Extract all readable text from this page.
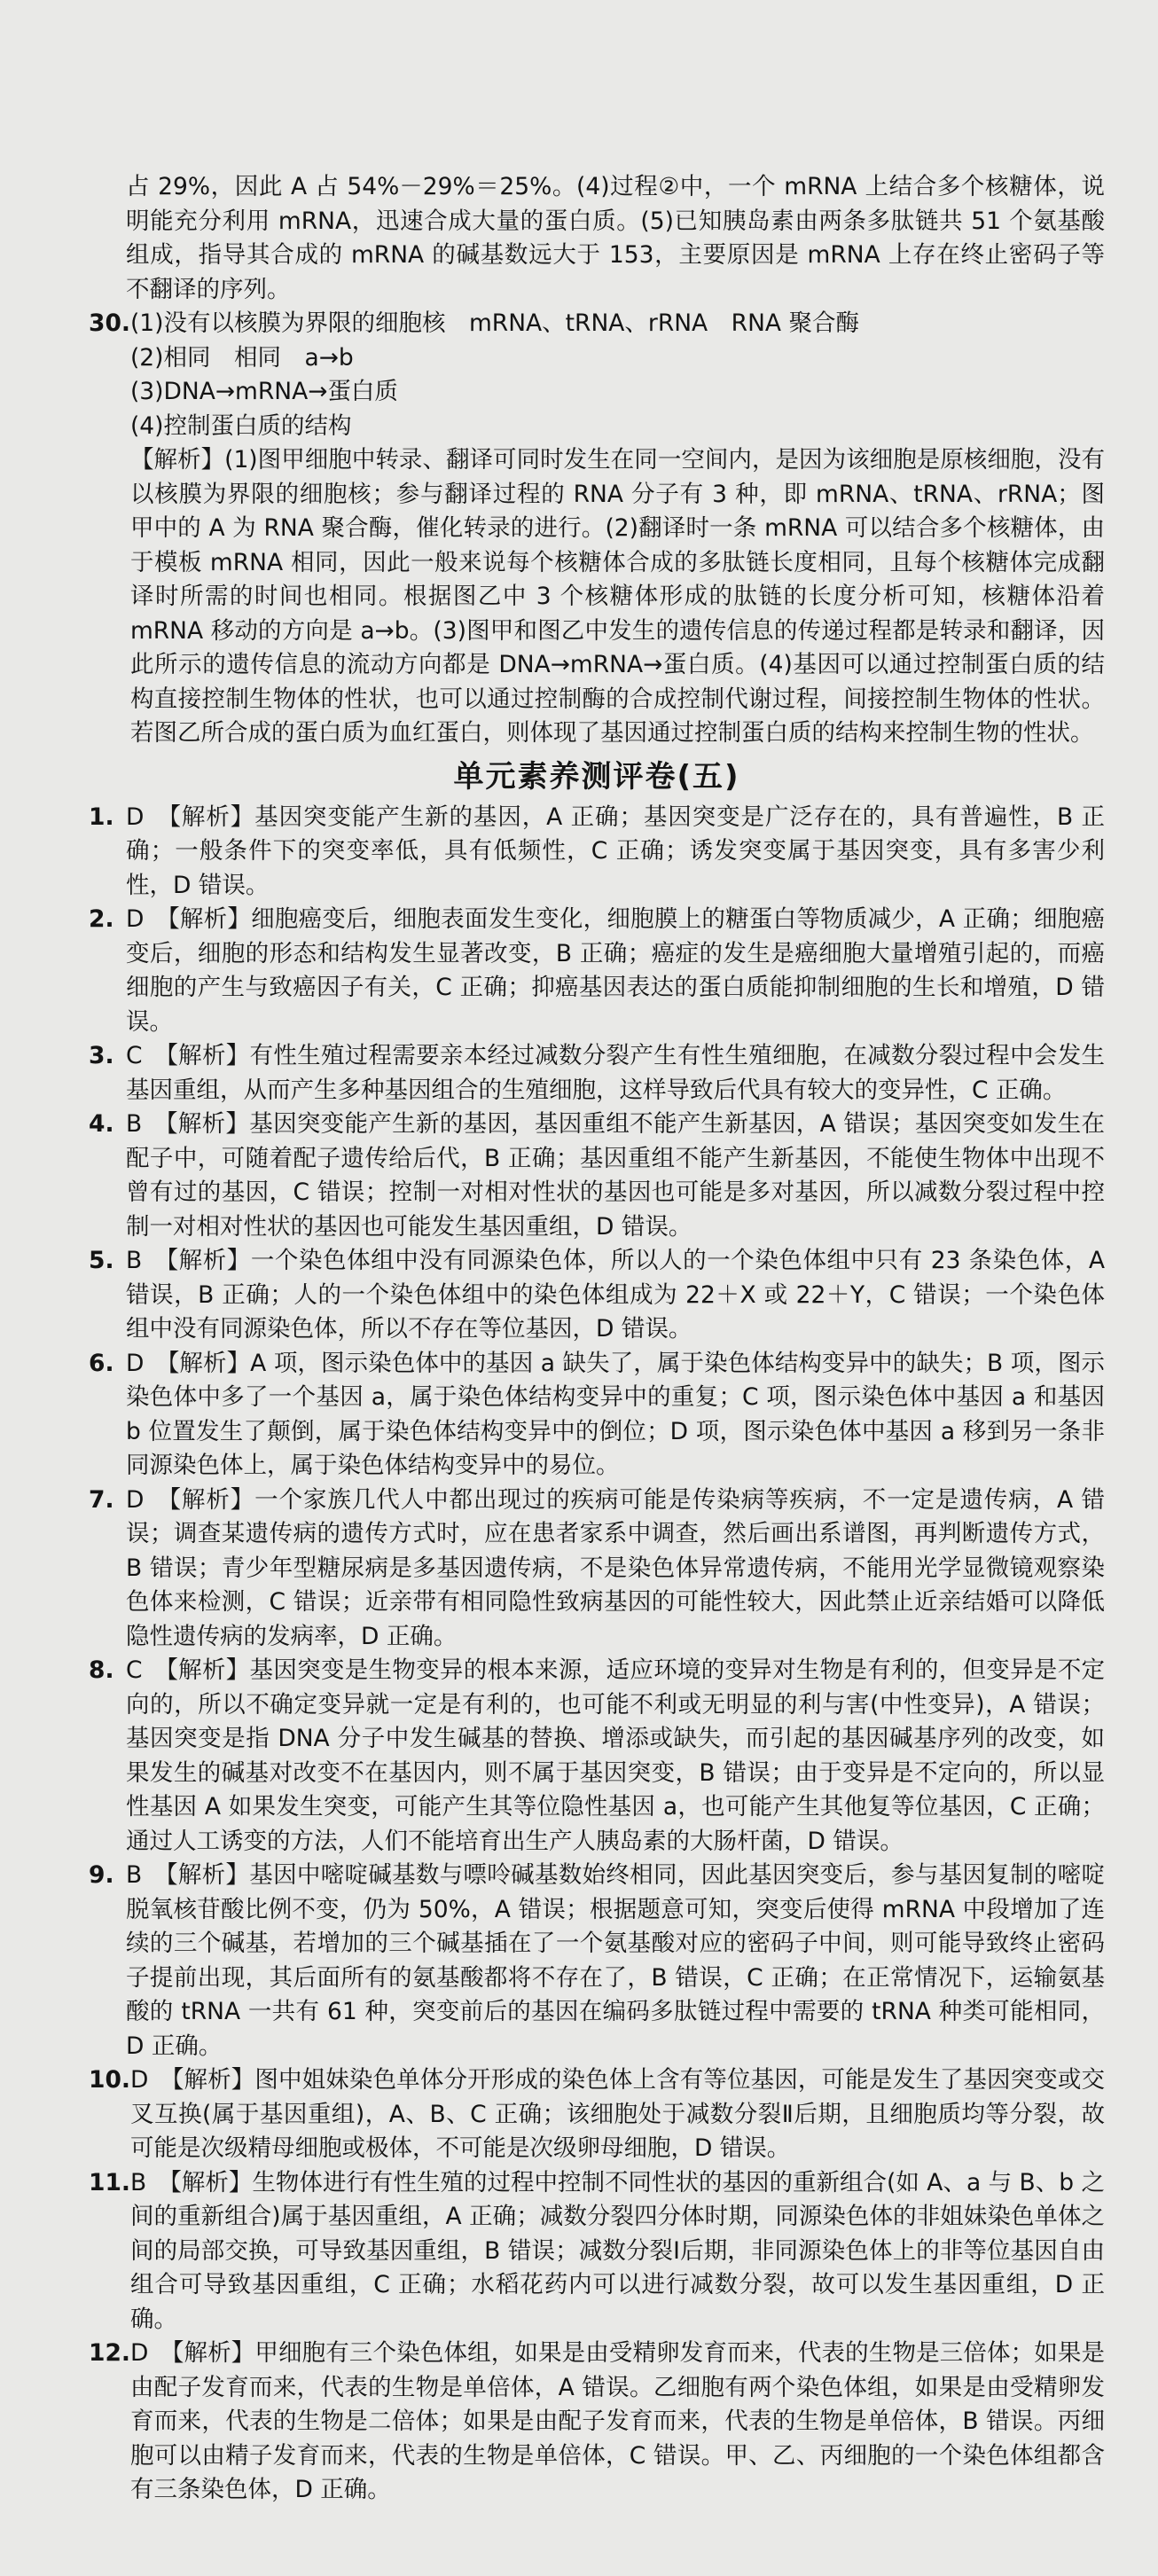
占 29%，因此 A 占 54%－29%＝25%。(4)过程②中，一个 mRNA 上结合多个核糖体，说明能充分利用 mRNA，迅速合成大量的蛋白质。(5)已知胰岛素由两条多肽链共 51 个氨基酸组成，指导其合成的 mRNA 的碱基数远大于 153，主要原因是 mRNA 上存在终止密码子等不翻译的序列。

30. (1)没有以核膜为界限的细胞核　mRNA、tRNA、rRNA　RNA 聚合酶

(2)相同　相同　a→b

(3)DNA→mRNA→蛋白质

(4)控制蛋白质的结构

【解析】(1)图甲细胞中转录、翻译可同时发生在同一空间内，是因为该细胞是原核细胞，没有以核膜为界限的细胞核；参与翻译过程的 RNA 分子有 3 种，即 mRNA、tRNA、rRNA；图甲中的 A 为 RNA 聚合酶，催化转录的进行。(2)翻译时一条 mRNA 可以结合多个核糖体，由于模板 mRNA 相同，因此一般来说每个核糖体合成的多肽链长度相同，且每个核糖体完成翻译时所需的时间也相同。根据图乙中 3 个核糖体形成的肽链的长度分析可知，核糖体沿着 mRNA 移动的方向是 a→b。(3)图甲和图乙中发生的遗传信息的传递过程都是转录和翻译，因此所示的遗传信息的流动方向都是 DNA→mRNA→蛋白质。(4)基因可以通过控制蛋白质的结构直接控制生物体的性状，也可以通过控制酶的合成控制代谢过程，间接控制生物体的性状。若图乙所合成的蛋白质为血红蛋白，则体现了基因通过控制蛋白质的结构来控制生物的性状。

单元素养测评卷(五)
1. D　【解析】基因突变能产生新的基因，A 正确；基因突变是广泛存在的，具有普遍性，B 正确；一般条件下的突变率低，具有低频性，C 正确；诱发突变属于基因突变，具有多害少利性，D 错误。

2. D　【解析】细胞癌变后，细胞表面发生变化，细胞膜上的糖蛋白等物质减少，A 正确；细胞癌变后，细胞的形态和结构发生显著改变，B 正确；癌症的发生是癌细胞大量增殖引起的，而癌细胞的产生与致癌因子有关，C 正确；抑癌基因表达的蛋白质能抑制细胞的生长和增殖，D 错误。

3. C　【解析】有性生殖过程需要亲本经过减数分裂产生有性生殖细胞，在减数分裂过程中会发生基因重组，从而产生多种基因组合的生殖细胞，这样导致后代具有较大的变异性，C 正确。

4. B　【解析】基因突变能产生新的基因，基因重组不能产生新基因，A 错误；基因突变如发生在配子中，可随着配子遗传给后代，B 正确；基因重组不能产生新基因，不能使生物体中出现不曾有过的基因，C 错误；控制一对相对性状的基因也可能是多对基因，所以减数分裂过程中控制一对相对性状的基因也可能发生基因重组，D 错误。

5. B　【解析】一个染色体组中没有同源染色体，所以人的一个染色体组中只有 23 条染色体，A 错误，B 正确；人的一个染色体组中的染色体组成为 22＋X 或 22＋Y，C 错误；一个染色体组中没有同源染色体，所以不存在等位基因，D 错误。

6. D　【解析】A 项，图示染色体中的基因 a 缺失了，属于染色体结构变异中的缺失；B 项，图示染色体中多了一个基因 a，属于染色体结构变异中的重复；C 项，图示染色体中基因 a 和基因 b 位置发生了颠倒，属于染色体结构变异中的倒位；D 项，图示染色体中基因 a 移到另一条非同源染色体上，属于染色体结构变异中的易位。

7. D　【解析】一个家族几代人中都出现过的疾病可能是传染病等疾病，不一定是遗传病，A 错误；调查某遗传病的遗传方式时，应在患者家系中调查，然后画出系谱图，再判断遗传方式，B 错误；青少年型糖尿病是多基因遗传病，不是染色体异常遗传病，不能用光学显微镜观察染色体来检测，C 错误；近亲带有相同隐性致病基因的可能性较大，因此禁止近亲结婚可以降低隐性遗传病的发病率，D 正确。

8. C　【解析】基因突变是生物变异的根本来源，适应环境的变异对生物是有利的，但变异是不定向的，所以不确定变异就一定是有利的，也可能不利或无明显的利与害(中性变异)，A 错误；基因突变是指 DNA 分子中发生碱基的替换、增添或缺失，而引起的基因碱基序列的改变，如果发生的碱基对改变不在基因内，则不属于基因突变，B 错误；由于变异是不定向的，所以显性基因 A 如果发生突变，可能产生其等位隐性基因 a，也可能产生其他复等位基因，C 正确；通过人工诱变的方法，人们不能培育出生产人胰岛素的大肠杆菌，D 错误。

9. B　【解析】基因中嘧啶碱基数与嘌呤碱基数始终相同，因此基因突变后，参与基因复制的嘧啶脱氧核苷酸比例不变，仍为 50%，A 错误；根据题意可知，突变后使得 mRNA 中段增加了连续的三个碱基，若增加的三个碱基插在了一个氨基酸对应的密码子中间，则可能导致终止密码子提前出现，其后面所有的氨基酸都将不存在了，B 错误，C 正确；在正常情况下，运输氨基酸的 tRNA 一共有 61 种，突变前后的基因在编码多肽链过程中需要的 tRNA 种类可能相同，D 正确。

10. D　【解析】图中姐妹染色单体分开形成的染色体上含有等位基因，可能是发生了基因突变或交叉互换(属于基因重组)，A、B、C 正确；该细胞处于减数分裂Ⅱ后期，且细胞质均等分裂，故可能是次级精母细胞或极体，不可能是次级卵母细胞，D 错误。

11. B　【解析】生物体进行有性生殖的过程中控制不同性状的基因的重新组合(如 A、a 与 B、b 之间的重新组合)属于基因重组，A 正确；减数分裂四分体时期，同源染色体的非姐妹染色单体之间的局部交换，可导致基因重组，B 错误；减数分裂Ⅰ后期，非同源染色体上的非等位基因自由组合可导致基因重组，C 正确；水稻花药内可以进行减数分裂，故可以发生基因重组，D 正确。

12. D　【解析】甲细胞有三个染色体组，如果是由受精卵发育而来，代表的生物是三倍体；如果是由配子发育而来，代表的生物是单倍体，A 错误。乙细胞有两个染色体组，如果是由受精卵发育而来，代表的生物是二倍体；如果是由配子发育而来，代表的生物是单倍体，B 错误。丙细胞可以由精子发育而来，代表的生物是单倍体，C 错误。甲、乙、丙细胞的一个染色体组都含有三条染色体，D 正确。
